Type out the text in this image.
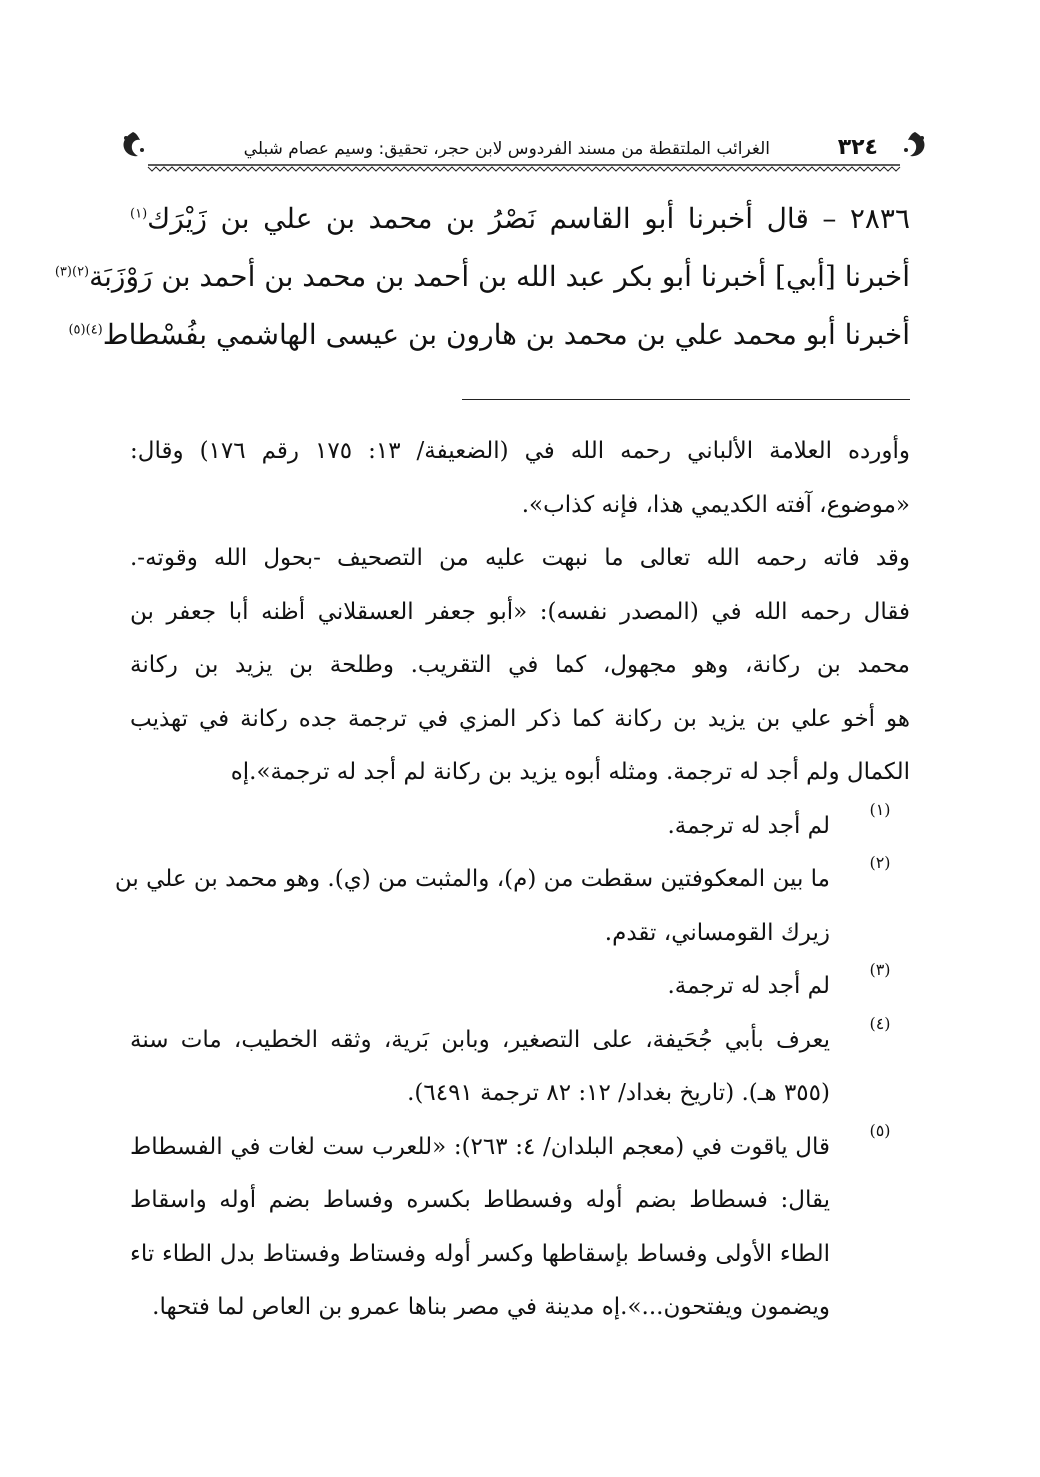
٣٢٤
الغرائب الملتقطة من مسند الفردوس لابن حجر، تحقيق: وسيم عصام شبلي
٢٨٣٦ – قال أخبرنا أبو القاسم نَصْرُ بن محمد بن علي بن زَيْرَك$^{(١)}$
أخبرنا [أبي] أخبرنا أبو بكر عبد الله بن أحمد بن محمد بن أحمد بن رَوْزَبَة$^{(٢)(٣)}$
أخبرنا أبو محمد علي بن محمد بن هارون بن عيسى الهاشمي بفُسْطاط$^{(٤)(٥)}$
وأورده العلامة الألباني رحمه الله في (الضعيفة/ ١٣: ١٧٥ رقم ١٧٦) وقال:
«موضوع، آفته الكديمي هذا، فإنه كذاب».
وقد فاته رحمه الله تعالى ما نبهت عليه من التصحيف -بحول الله وقوته-.
فقال رحمه الله في (المصدر نفسه): «أبو جعفر العسقلاني أظنه أبا جعفر بن
محمد بن ركانة، وهو مجهول، كما في التقريب. وطلحة بن يزيد بن ركانة
هو أخو علي بن يزيد بن ركانة كما ذكر المزي في ترجمة جده ركانة في تهذيب
الكمال ولم أجد له ترجمة. ومثله أبوه يزيد بن ركانة لم أجد له ترجمة».إه
(١)
لم أجد له ترجمة.
(٢)
ما بين المعكوفتين سقطت من (م)، والمثبت من (ي). وهو محمد بن علي بن
زيرك القومساني، تقدم.
(٣)
لم أجد له ترجمة.
(٤)
يعرف بأبي جُحَيفة، على التصغير، وبابن بَرية، وثقه الخطيب، مات سنة
(٣٥٥ هـ). (تاريخ بغداد/ ١٢: ٨٢ ترجمة ٦٤٩١).
(٥)
قال ياقوت في (معجم البلدان/ ٤: ٢٦٣): «للعرب ست لغات في الفسطاط
يقال: فسطاط بضم أوله وفسطاط بكسره وفساط بضم أوله واسقاط
الطاء الأولى وفساط بإسقاطها وكسر أوله وفستاط وفستاط بدل الطاء تاء
ويضمون ويفتحون...».إه مدينة في مصر بناها عمرو بن العاص لما فتحها.
